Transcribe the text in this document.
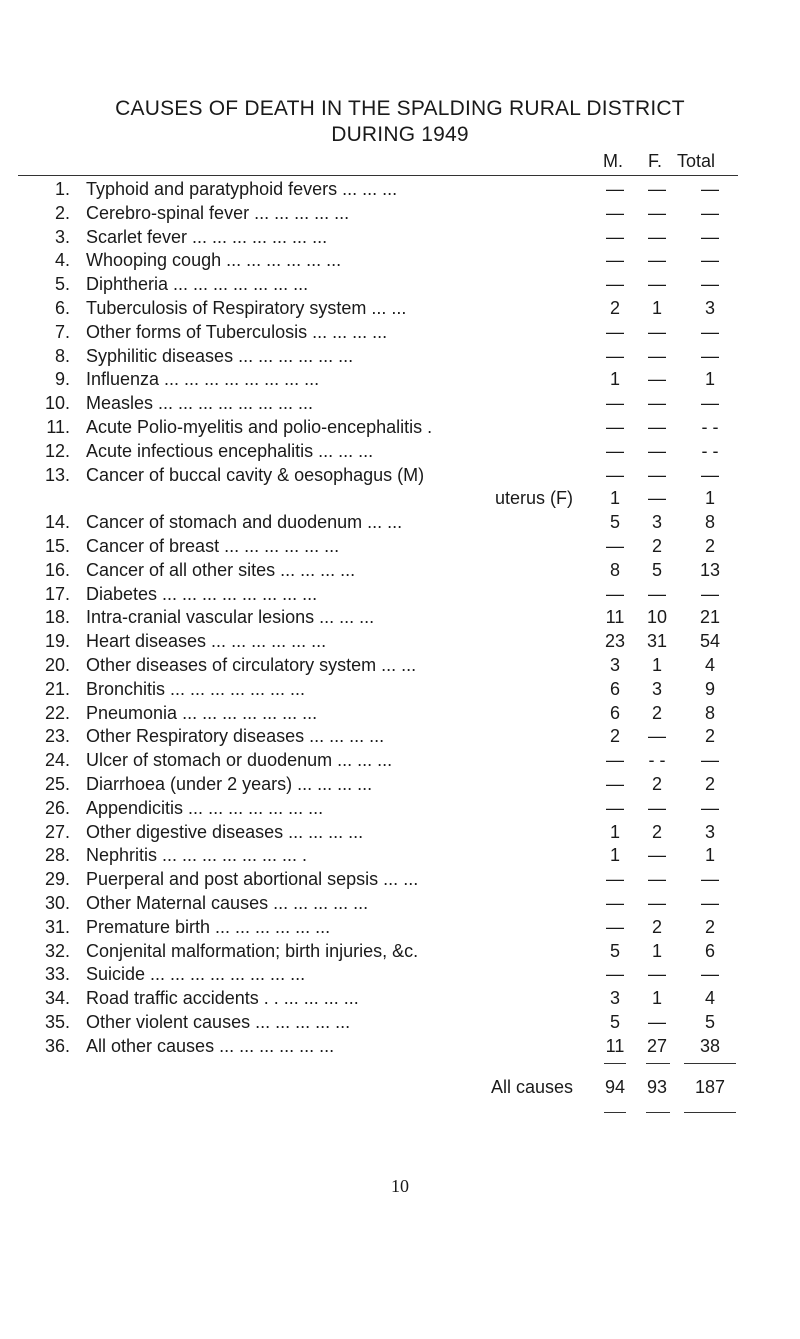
CAUSES OF DEATH IN THE SPALDING RURAL DISTRICT
DURING 1949
M. F. Total
1. Typhoid and paratyphoid fevers ... ... ...	—	—	—
2. Cerebro-spinal fever ... ... ... ... ...	—	—	—
3. Scarlet fever ... ... ... ... ... ... ...	—	—	—
4. Whooping cough ... ... ... ... ... ...	—	—	—
5. Diphtheria ... ... ... ... ... ... ...	—	—	—
6. Tuberculosis of Respiratory system ... ...	2	1	3
7. Other forms of Tuberculosis ... ... ... ...	—	—	—
8. Syphilitic diseases ... ... ... ... ... ...	—	—	—
9. Influenza ... ... ... ... ... ... ... ...	1	—	1
10. Measles ... ... ... ... ... ... ... ...	—	—	—
11. Acute Polio-myelitis and polio-encephalitis .	—	—	- -
12. Acute infectious encephalitis ... ... ...	—	—	- -
13. Cancer of buccal cavity & oesophagus (M)	—	—	—
uterus (F)	1	—	1
14. Cancer of stomach and duodenum ... ...	5	3	8
15. Cancer of breast ... ... ... ... ... ...	—	2	2
16. Cancer of all other sites ... ... ... ...	8	5	13
17. Diabetes ... ... ... ... ... ... ... ...	—	—	—
18. Intra-cranial vascular lesions ... ... ...	11	10	21
19. Heart diseases ... ... ... ... ... ...	23	31	54
20. Other diseases of circulatory system ... ...	3	1	4
21. Bronchitis ... ... ... ... ... ... ...	6	3	9
22. Pneumonia ... ... ... ... ... ... ...	6	2	8
23. Other Respiratory diseases ... ... ... ...	2	—	2
24. Ulcer of stomach or duodenum ... ... ...	—	- -	—
25. Diarrhoea (under 2 years) ... ... ... ...	—	2	2
26. Appendicitis ... ... ... ... ... ... ...	—	—	—
27. Other digestive diseases ... ... ... ...	1	2	3
28. Nephritis ... ... ... ... ... ... ... .	1	—	1
29. Puerperal and post abortional sepsis ... ...	—	—	—
30. Other Maternal causes ... ... ... ... ...	—	—	—
31. Premature birth ... ... ... ... ... ...	—	2	2
32. Conjenital malformation; birth injuries, &c.	5	1	6
33. Suicide ... ... ... ... ... ... ... ...	—	—	—
34. Road traffic accidents . . ... ... ... ...	3	1	4
35. Other violent causes ... ... ... ... ...	5	—	5
36. All other causes ... ... ... ... ... ...	11	27	38
All causes	94	93	187
10
